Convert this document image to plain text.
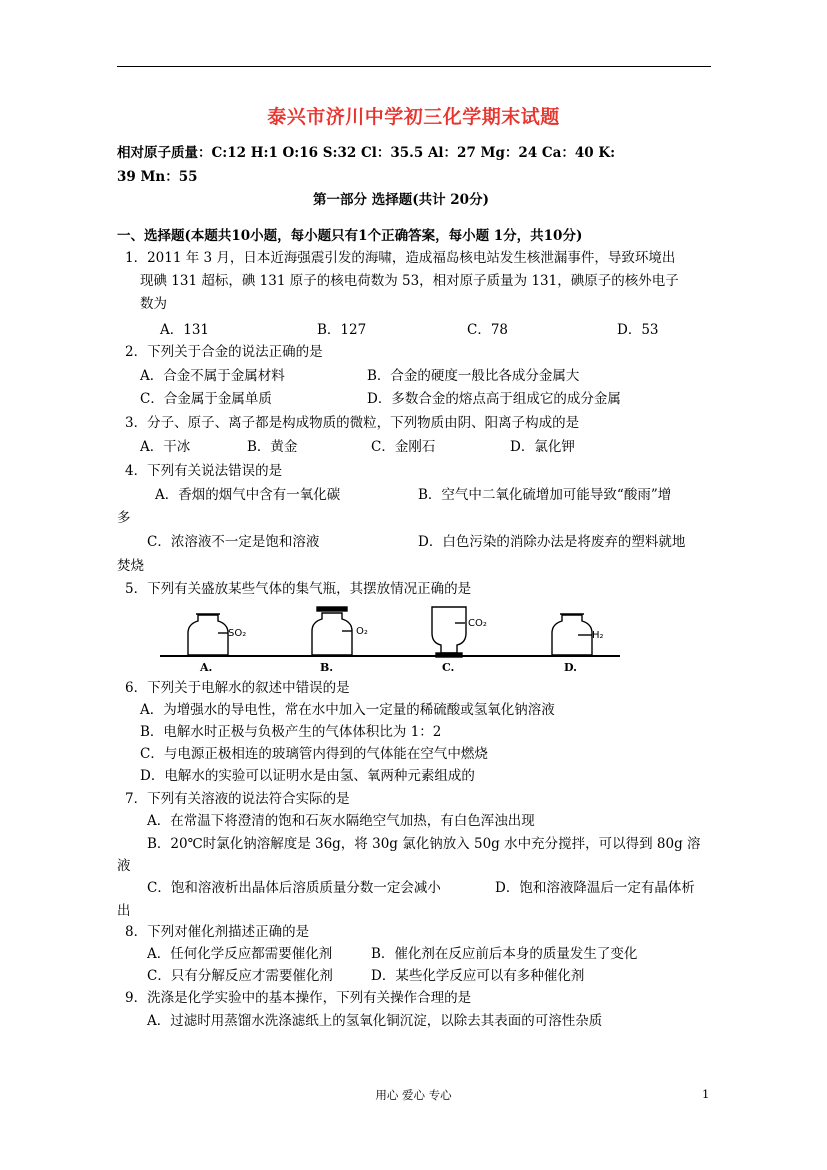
泰兴市济川中学初三化学期末试题
相对原子质量：C:12 H:1 O:16 S:32 Cl：35.5 Al：27 Mg：24 Ca：40 K:
39 Mn：55
第一部分 选择题(共计 20分)
一、选择题(本题共10小题，每小题只有1个正确答案，每小题 1分，共10分)
1．2011 年 3 月，日本近海强震引发的海啸，造成福岛核电站发生核泄漏事件，导致环境出
现碘 131 超标，碘 131 原子的核电荷数为 53，相对原子质量为 131，碘原子的核外电子
数为
A．131	B．127	C．78	D．53
2．下列关于合金的说法正确的是
A．合金不属于金属材料	B．合金的硬度一般比各成分金属大
C．合金属于金属单质	D．多数合金的熔点高于组成它的成分金属
3．分子、原子、离子都是构成物质的微粒，下列物质由阴、阳离子构成的是
A．干冰	B．黄金	C．金刚石	D．氯化钾
4．下列有关说法错误的是
A．香烟的烟气中含有一氧化碳	B．空气中二氧化硫增加可能导致“酸雨”增
多
C．浓溶液不一定是饱和溶液	D．白色污染的消除办法是将废弃的塑料就地
焚烧
5．下列有关盛放某些气体的集气瓶，其摆放情况正确的是
SO₂
A.
O₂
B.
CO₂
C.
H₂
D.
6．下列关于电解水的叙述中错误的是
A．为增强水的导电性，常在水中加入一定量的稀硫酸或氢氧化钠溶液
B．电解水时正极与负极产生的气体体积比为 1：2
C．与电源正极相连的玻璃管内得到的气体能在空气中燃烧
D．电解水的实验可以证明水是由氢、氧两种元素组成的
7．下列有关溶液的说法符合实际的是
A．在常温下将澄清的饱和石灰水隔绝空气加热，有白色浑浊出现
B．20℃时氯化钠溶解度是 36g，将 30g 氯化钠放入 50g 水中充分搅拌，可以得到 80g 溶
液
C．饱和溶液析出晶体后溶质质量分数一定会减小	D．饱和溶液降温后一定有晶体析
出
8．下列对催化剂描述正确的是
A．任何化学反应都需要催化剂	B．催化剂在反应前后本身的质量发生了变化
C．只有分解反应才需要催化剂	D．某些化学反应可以有多种催化剂
9．洗涤是化学实验中的基本操作，下列有关操作合理的是
A．过滤时用蒸馏水洗涤滤纸上的氢氧化铜沉淀，以除去其表面的可溶性杂质
用心 爱心 专心	1
